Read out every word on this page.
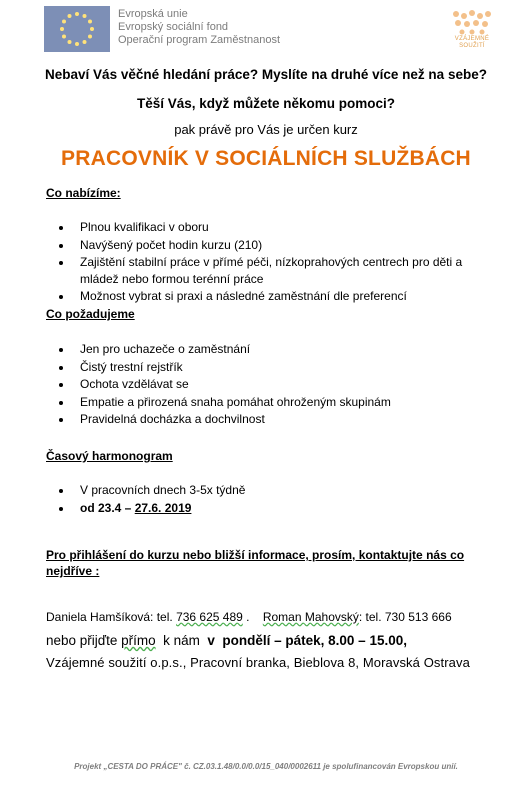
Evropská unie
Evropský sociální fond
Operační program Zaměstnanost	VZÁJEMNÉ SOUŽITÍ
Nebaví Vás věčné hledání práce? Myslíte na druhé více než na sebe?
Těší Vás, když můžete někomu pomoci?
pak právě pro Vás je určen kurz
PRACOVNÍK V SOCIÁLNÍCH SLUŽBÁCH
Co nabízíme:
Plnou kvalifikaci v oboru
Navýšený počet hodin kurzu (210)
Zajištění stabilní práce v přímé péči, nízkoprahových centrech pro děti a mládež nebo formou terénní práce
Možnost vybrat si praxi a následné zaměstnání dle preferencí
Co požadujeme
Jen pro uchazeče o zaměstnání
Čistý trestní rejstřík
Ochota vzdělávat se
Empatie a přirozená snaha pomáhat ohroženým skupinám
Pravidelná docházka a dochvilnost
Časový harmonogram
V pracovních dnech 3-5x týdně
od 23.4 – 27.6. 2019
Pro přihlášení do kurzu nebo bližší informace, prosím, kontaktujte nás co
nejdříve :
Daniela Hamšíková: tel. 736 625 489 .    Roman Mahovský: tel. 730 513 666
nebo přijďte přímo  k nám  v  pondělí – pátek, 8.00 – 15.00,
Vzájemné soužití o.p.s., Pracovní branka, Bieblova 8, Moravská Ostrava
Projekt „CESTA DO PRÁCE" č. CZ.03.1.48/0.0/0.0/15_040/0002611 je spolufinancován Evropskou unií.
